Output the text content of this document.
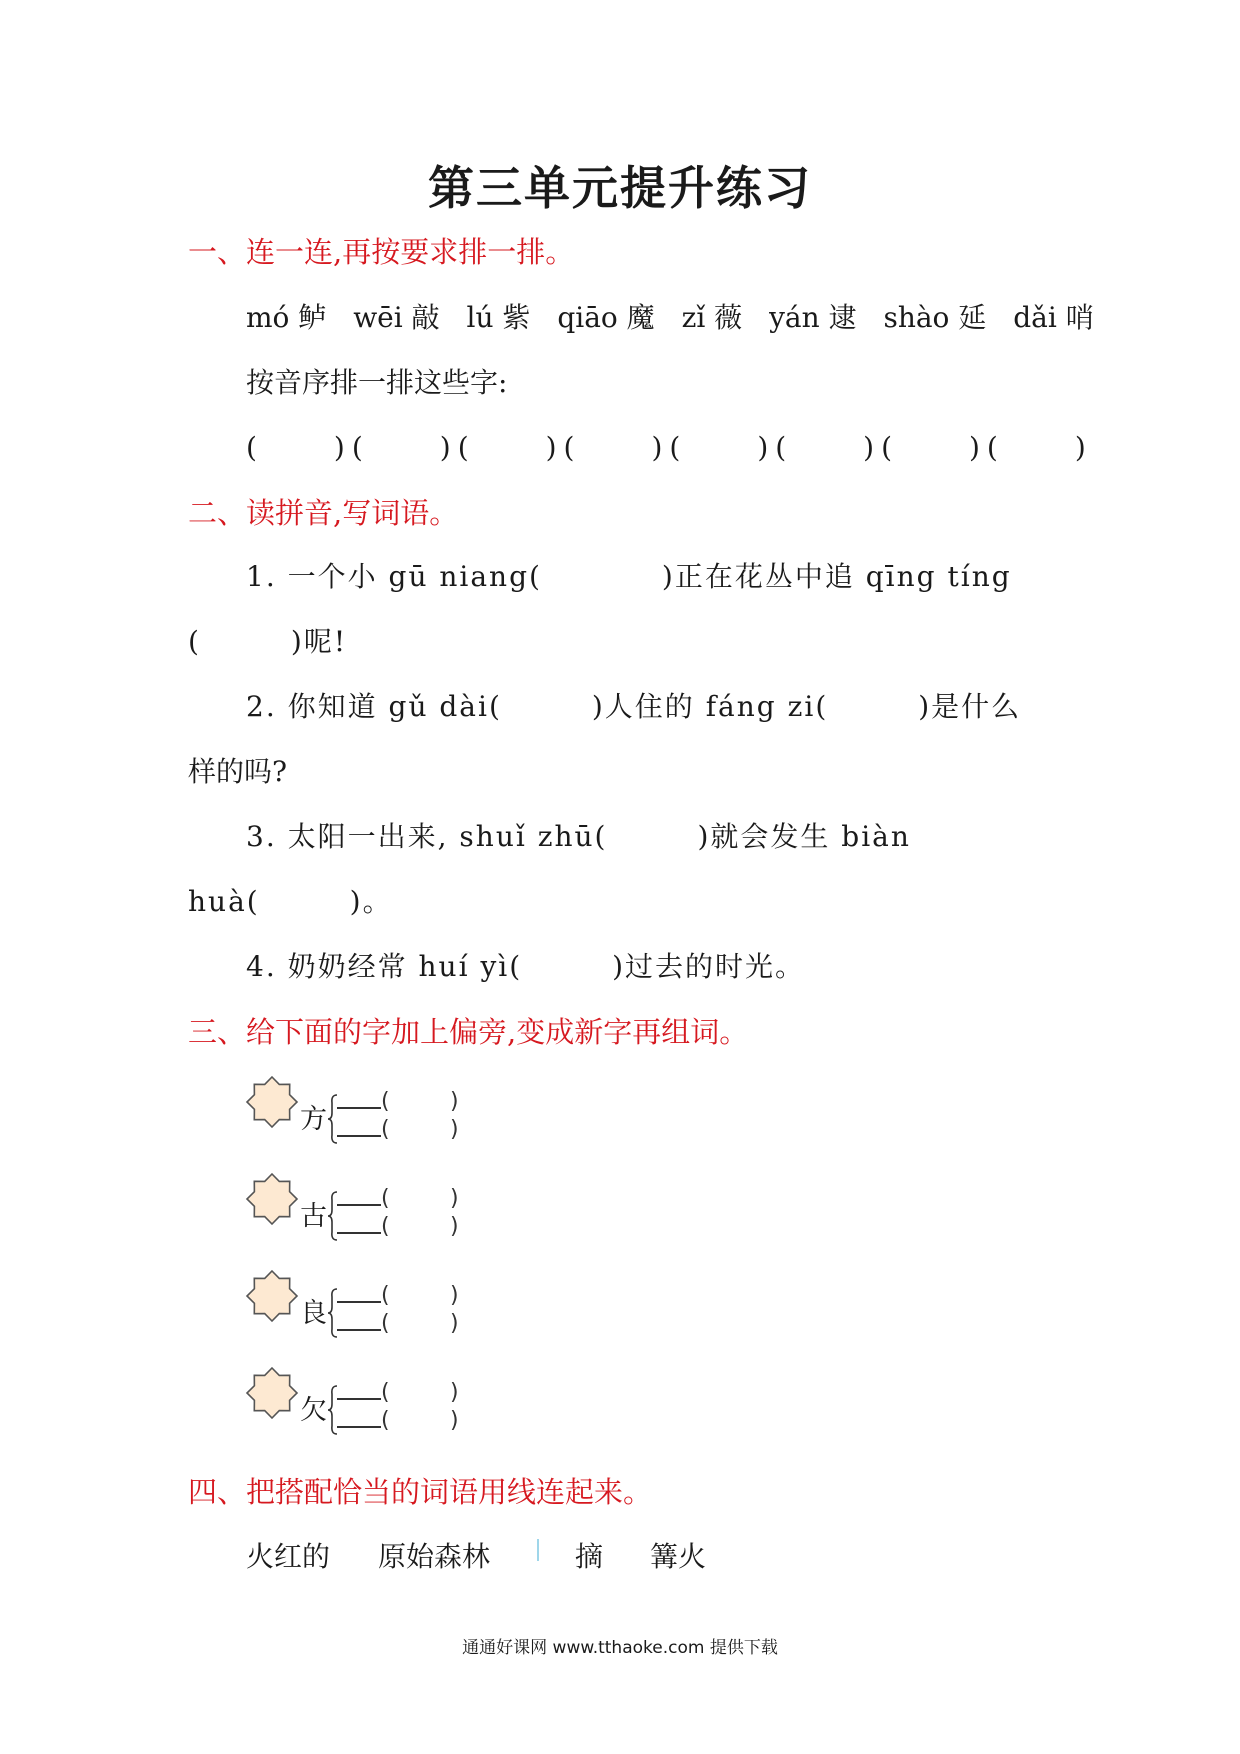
第三单元提升练习
一、连一连,再按要求排一排。
mó 鲈 wēi 敲 lú 紫 qiāo 魔 zǐ 薇 yán 逮 shào 延 dǎi 哨
按音序排一排这些字:
(　　)(　　)(　　)(　　)(　　)(　　)(　　)(　　)
二、读拼音,写词语。
1. 一个小 gū niang(　　　　)正在花丛中追 qīng tíng
(　　　)呢!
2. 你知道 gǔ dài(　　　)人住的 fáng zi(　　　)是什么
样的吗?
3. 太阳一出来, shuǐ zhū(　　　)就会发生 biàn
huà(　　　)。
4. 奶奶经常 huí yì(　　　)过去的时光。
三、给下面的字加上偏旁,变成新字再组词。
方
(	)
(	)
古
(	)
(	)
良
(	)
(	)
欠
(	)
(	)
四、把搭配恰当的词语用线连起来。
火红的 原始森林	摘 篝火
通通好课网 www.tthaoke.com 提供下载
